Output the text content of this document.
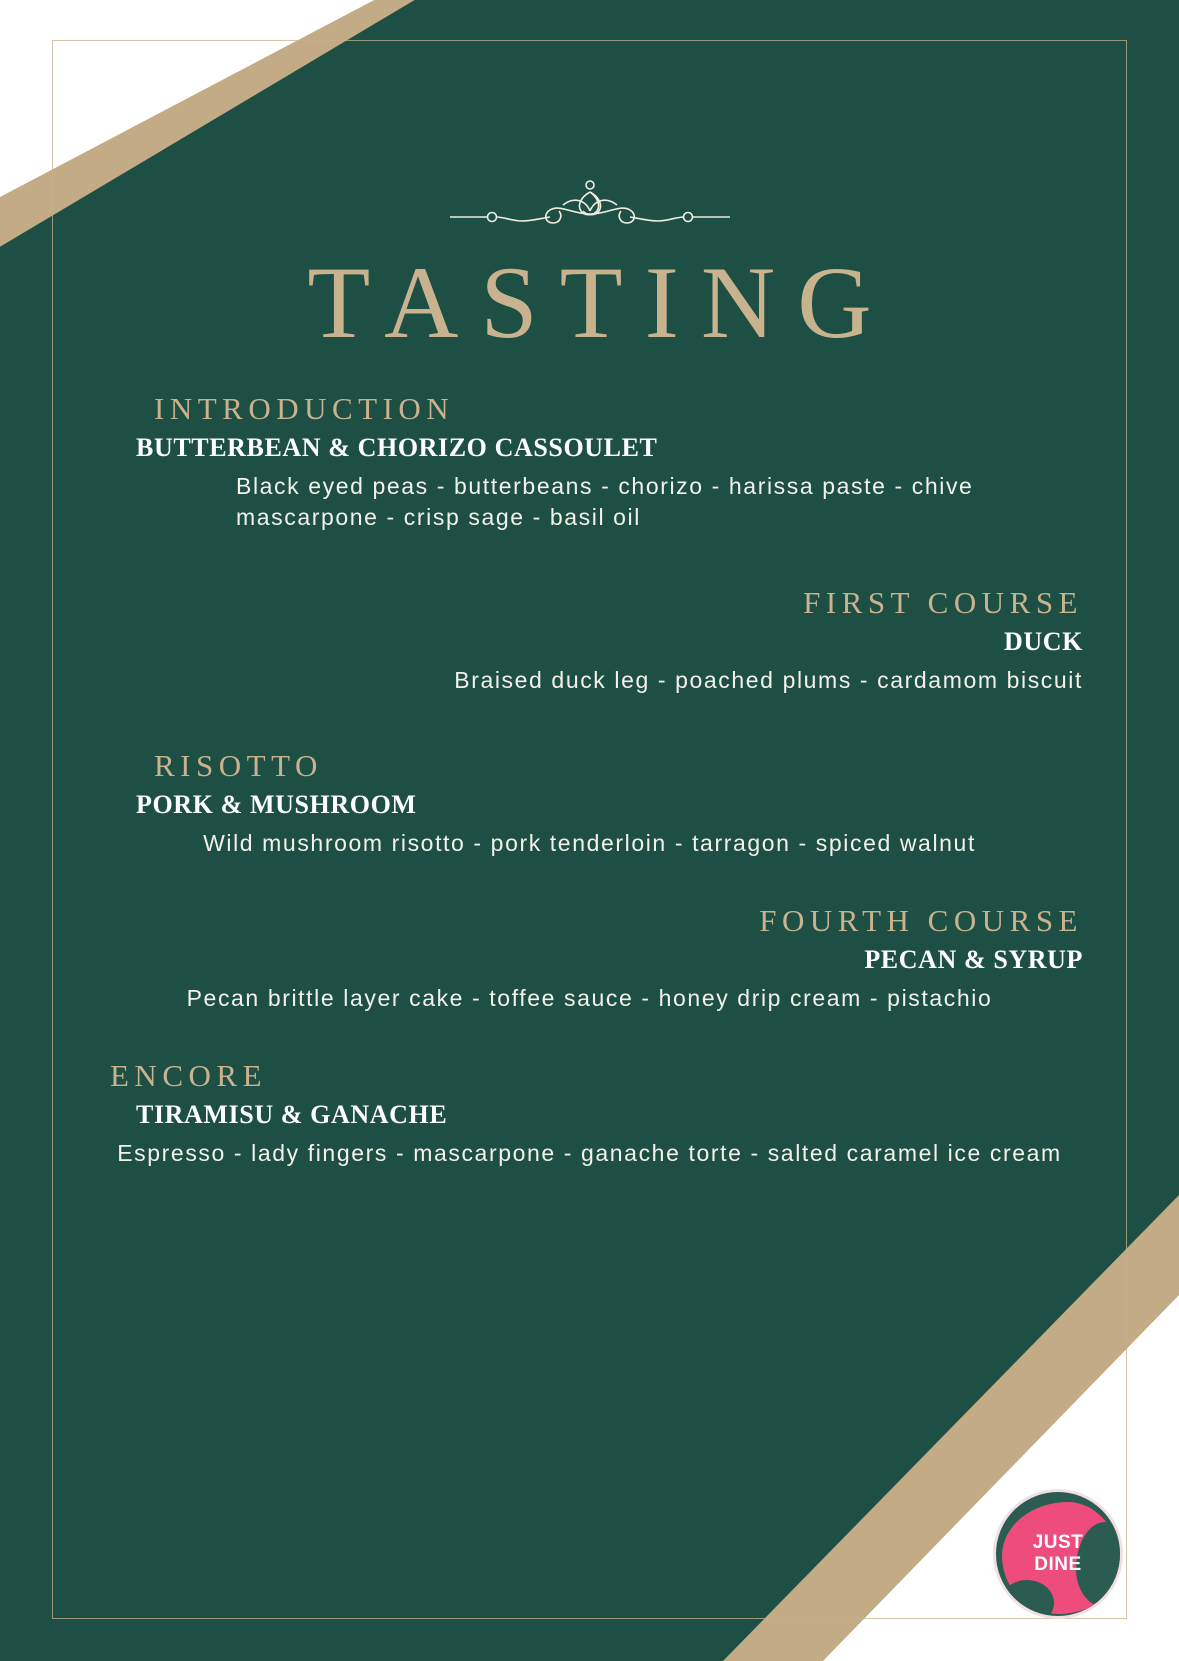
TASTING
INTRODUCTION
BUTTERBEAN & CHORIZO CASSOULET
Black eyed peas - butterbeans - chorizo - harissa paste - chive mascarpone - crisp sage - basil oil
FIRST COURSE
DUCK
Braised duck leg - poached plums - cardamom biscuit
RISOTTO
PORK & MUSHROOM
Wild mushroom risotto - pork tenderloin - tarragon - spiced walnut
FOURTH COURSE
PECAN & SYRUP
Pecan brittle layer cake - toffee sauce - honey drip cream - pistachio
ENCORE
TIRAMISU & GANACHE
Espresso - lady fingers - mascarpone - ganache torte - salted caramel ice cream
JUST
DINE
